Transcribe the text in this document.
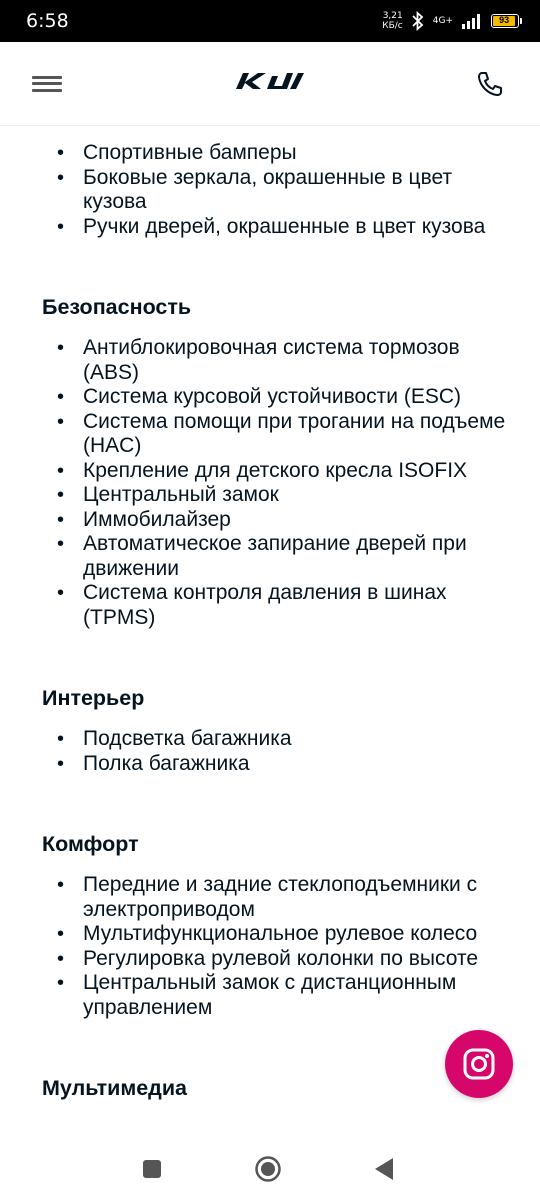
6:58	3,21
КБ/с	4G+	93
• Спортивные бамперы
• Боковые зеркала, окрашенные в цвет кузова
• Ручки дверей, окрашенные в цвет кузова
Безопасность
• Антиблокировочная система тормозов (ABS)
• Система курсовой устойчивости (ESC)
• Система помощи при трогании на подъеме (HAC)
• Крепление для детского кресла ISOFIX
• Центральный замок
• Иммобилайзер
• Автоматическое запирание дверей при движении
• Система контроля давления в шинах (TPMS)
Интерьер
• Подсветка багажника
• Полка багажника
Комфорт
• Передние и задние стеклоподъемники с электроприводом
• Мультифункциональное рулевое колесо
• Регулировка рулевой колонки по высоте
• Центральный замок с дистанционным управлением
Мультимедиа
